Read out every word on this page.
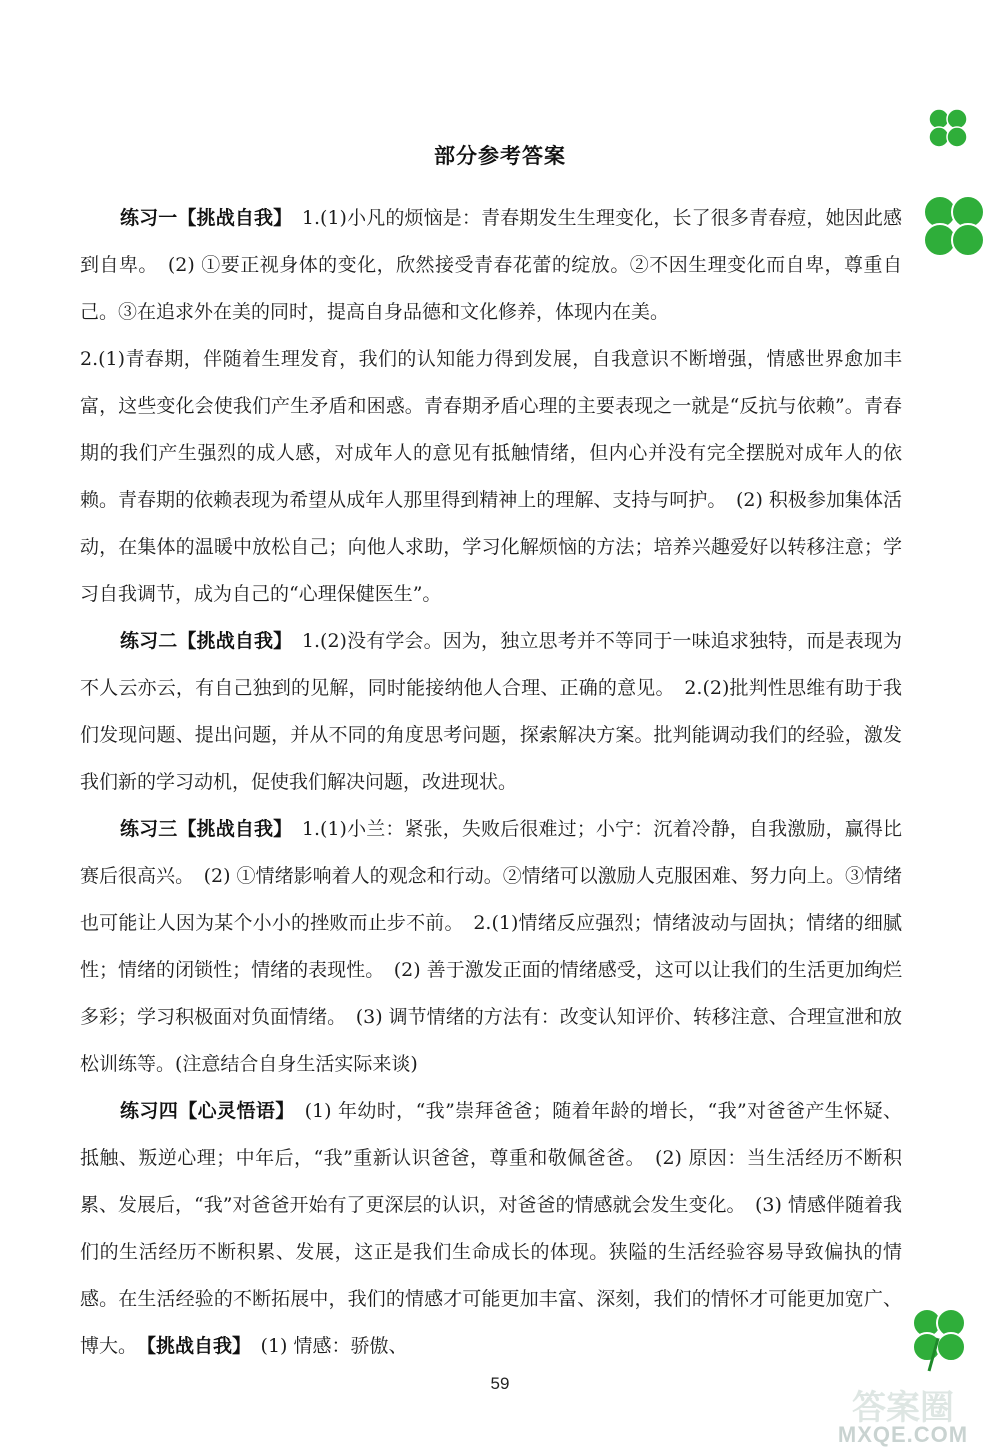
部分参考答案

练习一【挑战自我】　1.(1)小凡的烦恼是：青春期发生生理变化，长了很多青春痘，她因此感到自卑。　(2) ①要正视身体的变化，欣然接受青春花蕾的绽放。②不因生理变化而自卑，尊重自己。③在追求外在美的同时，提高自身品德和文化修养，体现内在美。

2.(1)青春期，伴随着生理发育，我们的认知能力得到发展，自我意识不断增强，情感世界愈加丰富，这些变化会使我们产生矛盾和困惑。青春期矛盾心理的主要表现之一就是“反抗与依赖”。青春期的我们产生强烈的成人感，对成年人的意见有抵触情绪，但内心并没有完全摆脱对成年人的依赖。青春期的依赖表现为希望从成年人那里得到精神上的理解、支持与呵护。　(2) 积极参加集体活动，在集体的温暖中放松自己；向他人求助，学习化解烦恼的方法；培养兴趣爱好以转移注意；学习自我调节，成为自己的“心理保健医生”。

练习二【挑战自我】　1.(2)没有学会。因为，独立思考并不等同于一味追求独特，而是表现为不人云亦云，有自己独到的见解，同时能接纳他人合理、正确的意见。　2.(2)批判性思维有助于我们发现问题、提出问题，并从不同的角度思考问题，探索解决方案。批判能调动我们的经验，激发我们新的学习动机，促使我们解决问题，改进现状。

练习三【挑战自我】　1.(1)小兰：紧张，失败后很难过；小宁：沉着冷静，自我激励，赢得比赛后很高兴。　(2) ①情绪影响着人的观念和行动。②情绪可以激励人克服困难、努力向上。③情绪也可能让人因为某个小小的挫败而止步不前。　2.(1)情绪反应强烈；情绪波动与固执；情绪的细腻性；情绪的闭锁性；情绪的表现性。　(2) 善于激发正面的情绪感受，这可以让我们的生活更加绚烂多彩；学习积极面对负面情绪。　(3) 调节情绪的方法有：改变认知评价、转移注意、合理宣泄和放松训练等。(注意结合自身生活实际来谈)

练习四【心灵悟语】　(1) 年幼时，“我”崇拜爸爸；随着年龄的增长，“我”对爸爸产生怀疑、抵触、叛逆心理；中年后，“我”重新认识爸爸，尊重和敬佩爸爸。　(2) 原因：当生活经历不断积累、发展后，“我”对爸爸开始有了更深层的认识，对爸爸的情感就会发生变化。　(3) 情感伴随着我们的生活经历不断积累、发展，这正是我们生命成长的体现。狭隘的生活经验容易导致偏执的情感。在生活经验的不断拓展中，我们的情感才可能更加丰富、深刻，我们的情怀才可能更加宽广、博大。　【挑战自我】　(1) 情感：骄傲、

59
答案圈
MXQE.COM
